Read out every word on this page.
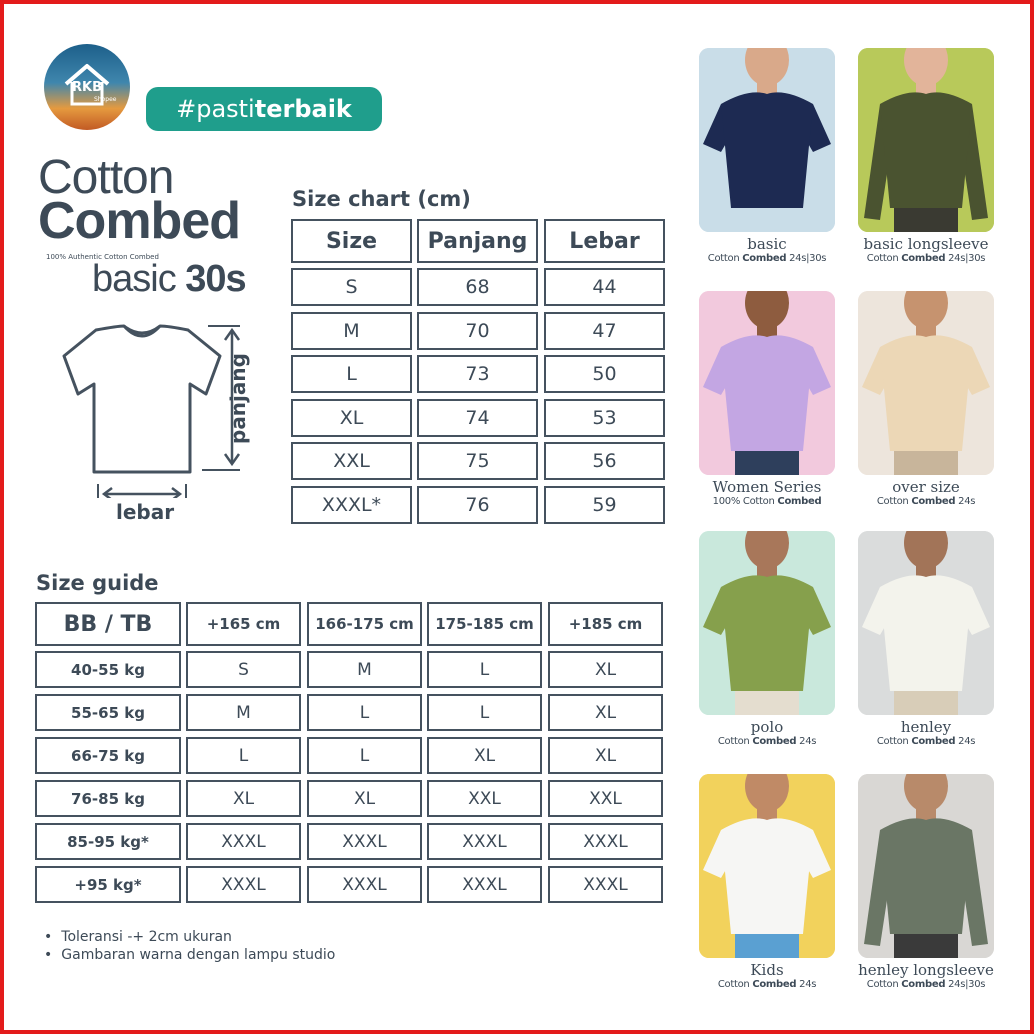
RKB
Shopee	#pastiterbaik
Cotton
Combed
100% Authentic Cotton Combed
basic 30s
panjang
lebar
Size chart (cm)
Size	Panjang	Lebar
S	68	44
M	70	47
L	73	50
XL	74	53
XXL	75	56
XXXL*	76	59
Size guide
BB / TB	+165 cm	166-175 cm	175-185 cm	+185 cm
40-55 kg	S	M	L	XL
55-65 kg	M	L	L	XL
66-75 kg	L	L	XL	XL
76-85 kg	XL	XL	XXL	XXL
85-95 kg*	XXXL	XXXL	XXXL	XXXL
+95 kg*	XXXL	XXXL	XXXL	XXXL
• Toleransi -+ 2cm ukuran
• Gambaran warna dengan lampu studio
basic
Cotton Combed 24s|30s
basic longsleeve
Cotton Combed 24s|30s
Women Series
100% Cotton Combed
over size
Cotton Combed 24s
polo
Cotton Combed 24s
henley
Cotton Combed 24s
Kids
Cotton Combed 24s
henley longsleeve
Cotton Combed 24s|30s
